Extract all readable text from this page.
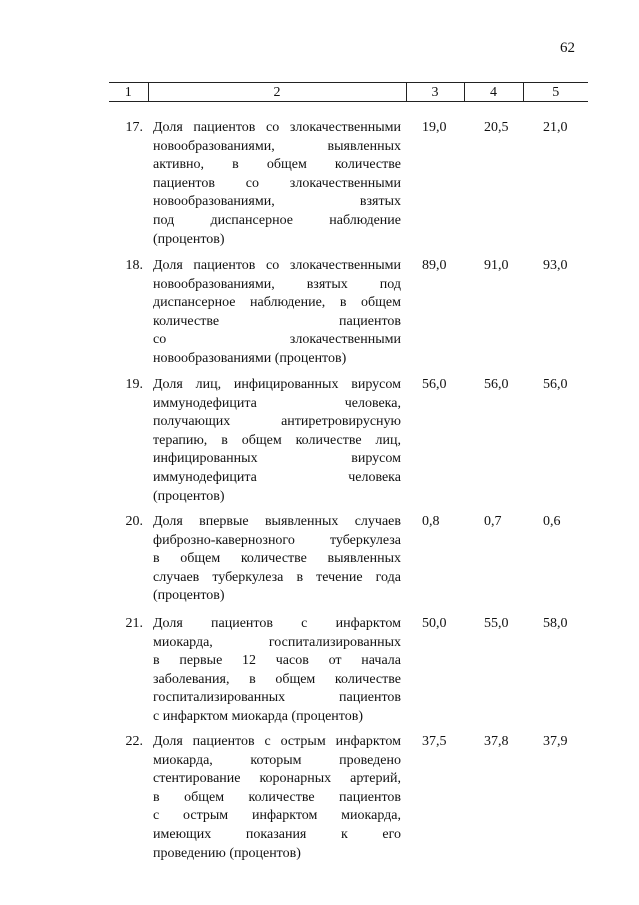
62
1	2	3	4	5
17. Доля пациентов со злокачественными
новообразованиями, выявленных
активно, в общем количестве
пациентов со злокачественными
новообразованиями, взятых
под диспансерное наблюдение
(процентов)
19,0	20,5 21,0
18. Доля пациентов со злокачественными
новообразованиями, взятых под
диспансерное наблюдение, в общем
количестве пациентов
со злокачественными
новообразованиями (процентов)
89,0	91,0 93,0
19. Доля лиц, инфицированных вирусом
иммунодефицита человека,
получающих антиретровирусную
терапию, в общем количестве лиц,
инфицированных вирусом
иммунодефицита человека
(процентов)
56,0	56,0 56,0
20. Доля впервые выявленных случаев
фиброзно-кавернозного туберкулеза
в общем количестве выявленных
случаев туберкулеза в течение года
(процентов)
0,8	0,7	0,6
21. Доля пациентов с инфарктом
миокарда, госпитализированных
в первые 12 часов от начала
заболевания, в общем количестве
госпитализированных пациентов
с инфарктом миокарда (процентов)
50,0	55,0 58,0
22. Доля пациентов с острым инфарктом
миокарда, которым проведено
стентирование коронарных артерий,
в общем количестве пациентов
с острым инфарктом миокарда,
имеющих показания к его
проведению (процентов)
37,5	37,8 37,9
